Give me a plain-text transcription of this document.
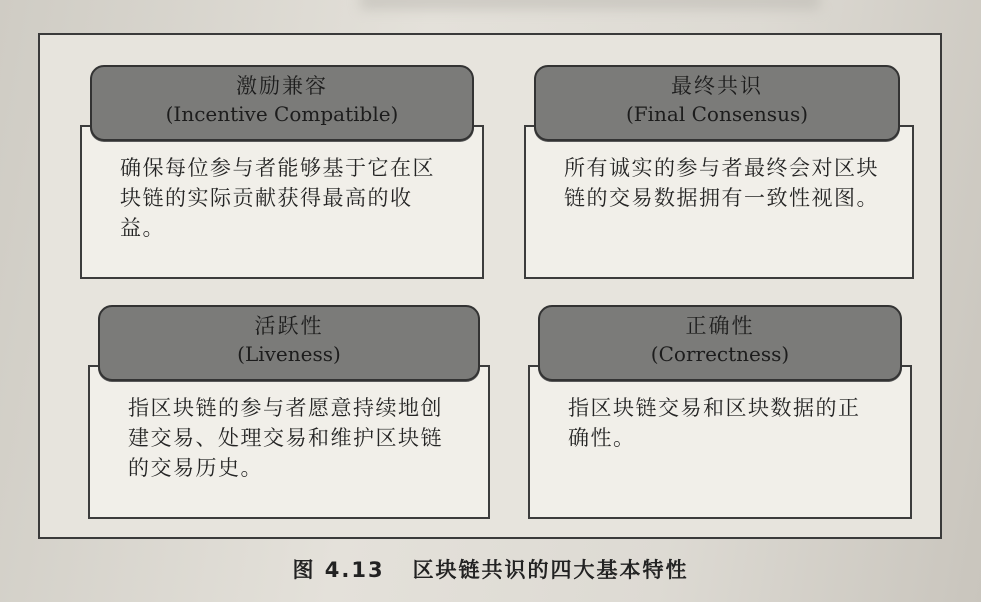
确保每位参与者能够基于它在区块链的实际贡献获得最高的收益。
激励兼容
(Incentive Compatible)
所有诚实的参与者最终会对区块链的交易数据拥有一致性视图。
最终共识
(Final Consensus)
指区块链的参与者愿意持续地创建交易、处理交易和维护区块链的交易历史。
活跃性
(Liveness)
指区块链交易和区块数据的正确性。
正确性
(Correctness)
图 4.13 区块链共识的四大基本特性
